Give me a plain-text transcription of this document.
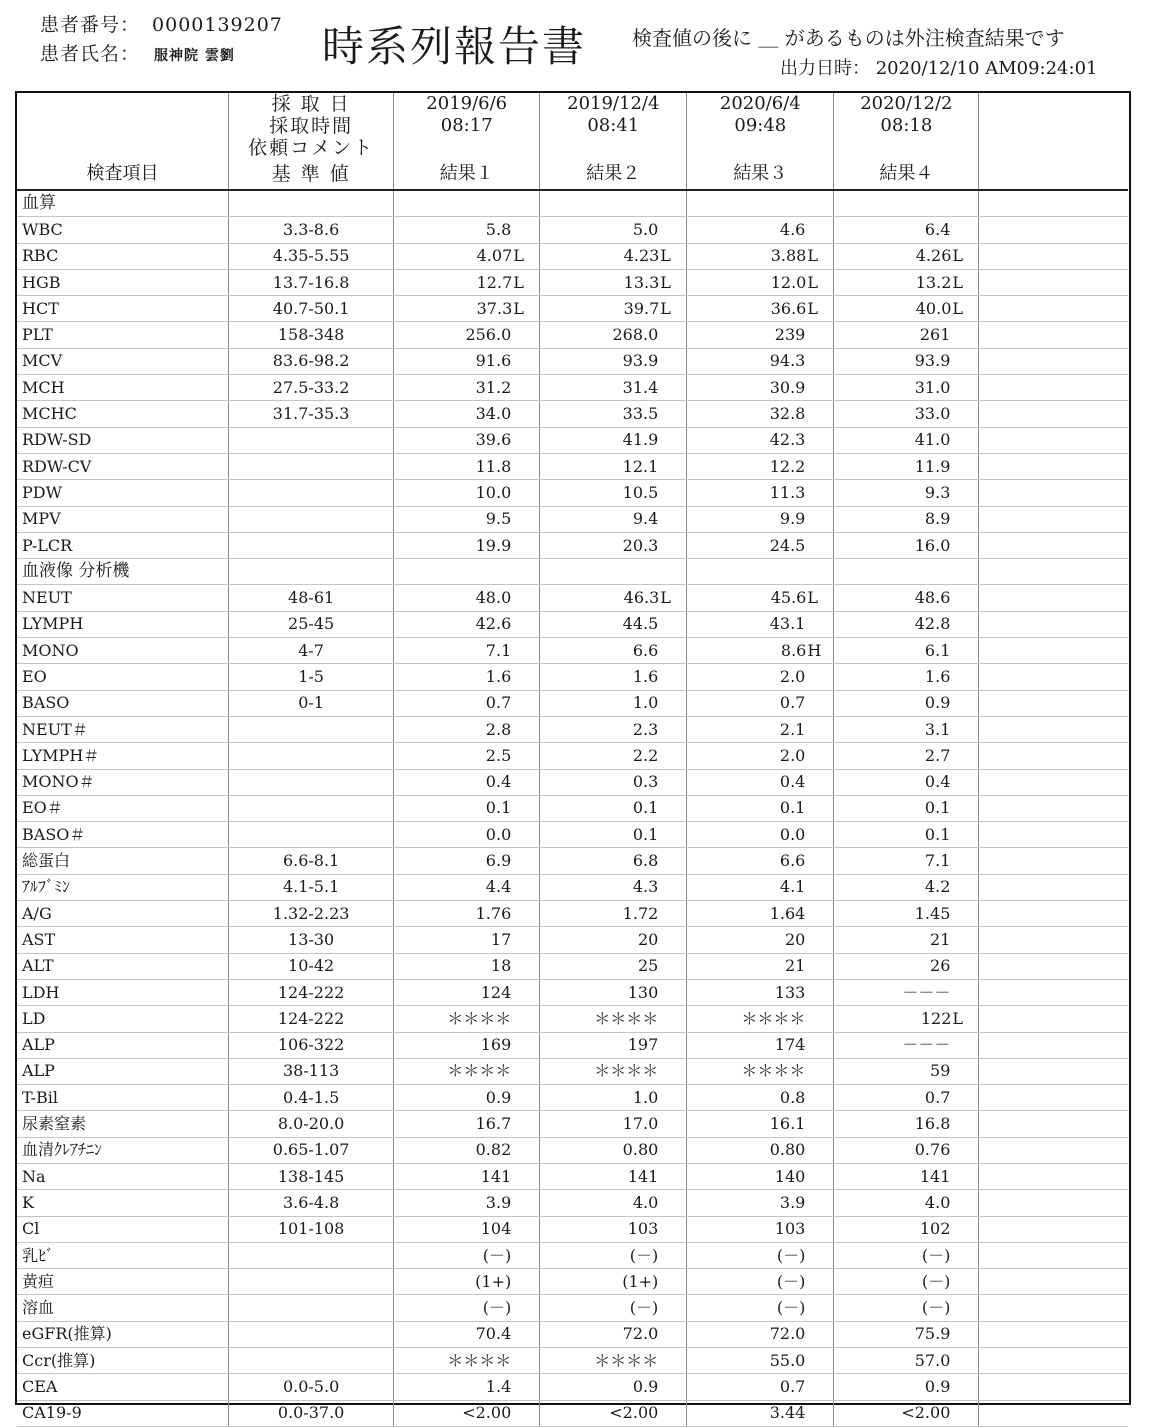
患者番号： 0000139207
患者氏名： 服神院 雲劉 時系列報告書 検査値の後に ＿ があるものは外注検査結果です
出力日時： 2020/12/10 AM09:24:01
	採 取 日	2019/6/6	2019/12/4	2020/6/4	2020/12/2	
	採取時間	08:17	08:41	09:48	08:18	
	依頼コメント					
検査項目	基 準 値	結果１	結果２	結果３	結果４	
血算						
WBC	3.3-8.6	5.8	5.0	4.6	6.4	
RBC	4.35-5.55	4.07L	4.23L	3.88L	4.26L	
HGB	13.7-16.8	12.7L	13.3L	12.0L	13.2L	
HCT	40.7-50.1	37.3L	39.7L	36.6L	40.0L	
PLT	158-348	256.0	268.0	239	261	
MCV	83.6-98.2	91.6	93.9	94.3	93.9	
MCH	27.5-33.2	31.2	31.4	30.9	31.0	
MCHC	31.7-35.3	34.0	33.5	32.8	33.0	
RDW-SD		39.6	41.9	42.3	41.0	
RDW-CV		11.8	12.1	12.2	11.9	
PDW		10.0	10.5	11.3	9.3	
MPV		9.5	9.4	9.9	8.9	
P-LCR		19.9	20.3	24.5	16.0	
血液像 分析機						
NEUT	48-61	48.0	46.3L	45.6L	48.6	
LYMPH	25-45	42.6	44.5	43.1	42.8	
MONO	4-7	7.1	6.6	8.6H	6.1	
EO	1-5	1.6	1.6	2.0	1.6	
BASO	0-1	0.7	1.0	0.7	0.9	
NEUT＃		2.8	2.3	2.1	3.1	
LYMPH＃		2.5	2.2	2.0	2.7	
MONO＃		0.4	0.3	0.4	0.4	
EO＃		0.1	0.1	0.1	0.1	
BASO＃		0.0	0.1	0.0	0.1	
総蛋白	6.6-8.1	6.9	6.8	6.6	7.1	
ｱﾙﾌﾞﾐﾝ	4.1-5.1	4.4	4.3	4.1	4.2	
A/G	1.32-2.23	1.76	1.72	1.64	1.45	
AST	13-30	17	20	20	21	
ALT	10-42	18	25	21	26	
LDH	124-222	124	130	133	－－－	
LD	124-222	＊＊＊＊	＊＊＊＊	＊＊＊＊	122L	
ALP	106-322	169	197	174	－－－	
ALP	38-113	＊＊＊＊	＊＊＊＊	＊＊＊＊	59	
T-Bil	0.4-1.5	0.9	1.0	0.8	0.7	
尿素窒素	8.0-20.0	16.7	17.0	16.1	16.8	
血清ｸﾚｱﾁﾆﾝ	0.65-1.07	0.82	0.80	0.80	0.76	
Na	138-145	141	141	140	141	
K	3.6-4.8	3.9	4.0	3.9	4.0	
Cl	101-108	104	103	103	102	
乳ﾋﾞ		(－)	(－)	(－)	(－)	
黄疸		(1+)	(1+)	(－)	(－)	
溶血		(－)	(－)	(－)	(－)	
eGFR(推算)		70.4	72.0	72.0	75.9	
Ccr(推算)		＊＊＊＊	＊＊＊＊	55.0	57.0	
CEA	0.0-5.0	1.4	0.9	0.7	0.9	
CA19-9	0.0-37.0	<2.00	<2.00	3.44	<2.00	
